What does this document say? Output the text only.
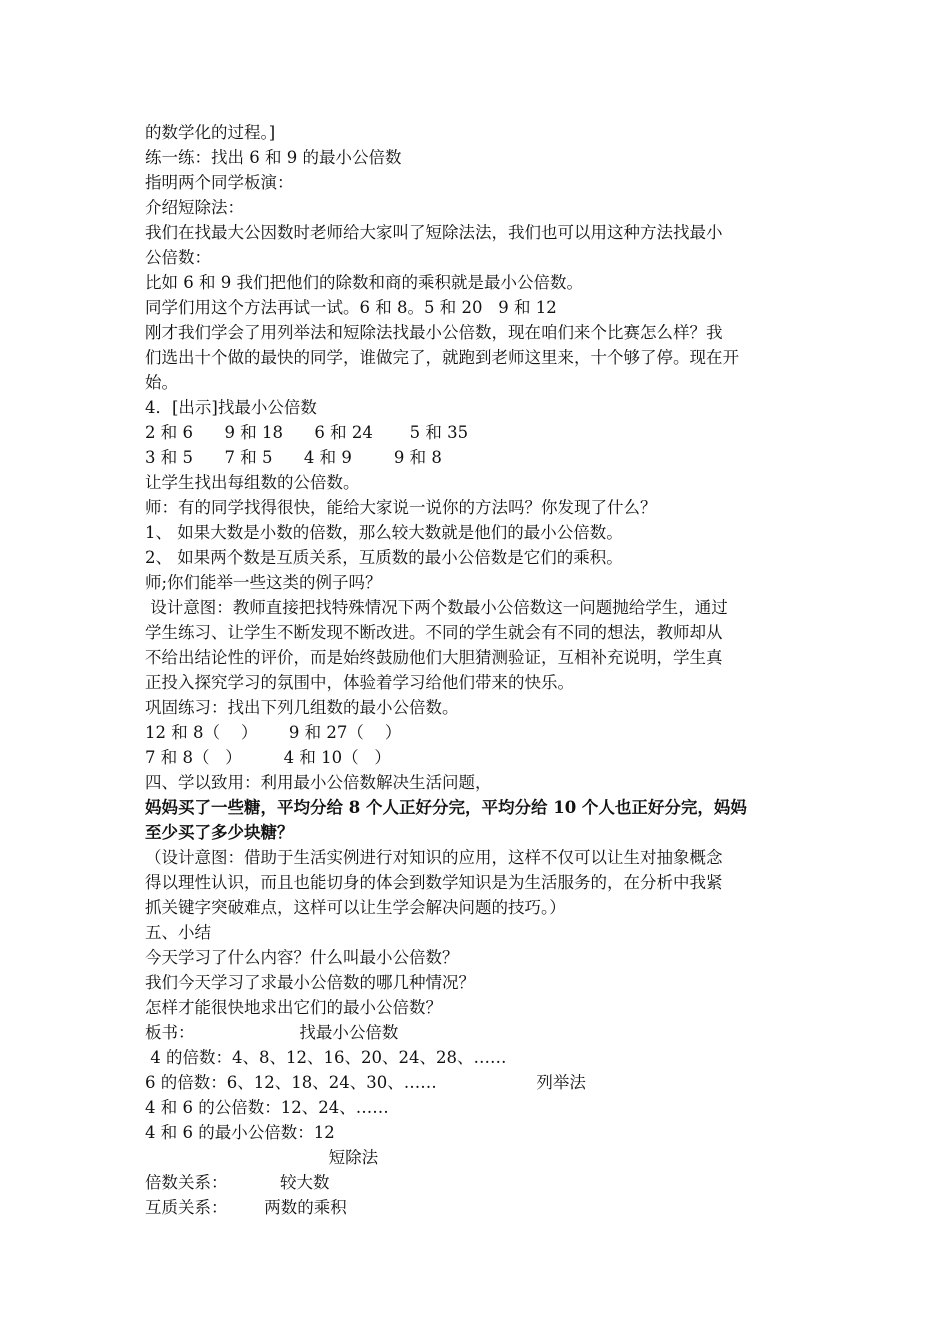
的数学化的过程。]
练一练：找出 6 和 9 的最小公倍数
指明两个同学板演：
介绍短除法：
我们在找最大公因数时老师给大家叫了短除法法，我们也可以用这种方法找最小
公倍数：
比如 6 和 9 我们把他们的除数和商的乘积就是最小公倍数。
同学们用这个方法再试一试。6 和 8。5 和 20   9 和 12
刚才我们学会了用列举法和短除法找最小公倍数，现在咱们来个比赛怎么样？我
们选出十个做的最快的同学，谁做完了，就跑到老师这里来，十个够了停。现在开
始。
4．[出示]找最小公倍数
2 和 6      9 和 18      6 和 24       5 和 35
3 和 5      7 和 5      4 和 9        9 和 8
让学生找出每组数的公倍数。
师：有的同学找得很快，能给大家说一说你的方法吗？你发现了什么？
1、 如果大数是小数的倍数，那么较大数就是他们的最小公倍数。
2、 如果两个数是互质关系，互质数的最小公倍数是它们的乘积。
师;你们能举一些这类的例子吗？
设计意图：教师直接把找特殊情况下两个数最小公倍数这一问题抛给学生，通过
学生练习、让学生不断发现不断改进。不同的学生就会有不同的想法，教师却从
不给出结论性的评价，而是始终鼓励他们大胆猜测验证，互相补充说明，学生真
正投入探究学习的氛围中，体验着学习给他们带来的快乐。
巩固练习：找出下列几组数的最小公倍数。
12 和 8（    ）      9 和 27（    ）
7 和 8（   ）        4 和 10（   ）
四、学以致用：利用最小公倍数解决生活问题，
妈妈买了一些糖，平均分给 8 个人正好分完，平均分给 10 个人也正好分完，妈妈
至少买了多少块糖？
（设计意图：借助于生活实例进行对知识的应用，这样不仅可以让生对抽象概念
得以理性认识，而且也能切身的体会到数学知识是为生活服务的，在分析中我紧
抓关键字突破难点，这样可以让生学会解决问题的技巧。）
五、小结
今天学习了什么内容？什么叫最小公倍数？
我们今天学习了求最小公倍数的哪几种情况？
怎样才能很快地求出它们的最小公倍数？
板书：                    找最小公倍数
4 的倍数：4、8、12、16、20、24、28、……
6 的倍数：6、12、18、24、30、……                   列举法
4 和 6 的公倍数：12、24、……
4 和 6 的最小公倍数：12
短除法
倍数关系：          较大数
互质关系：       两数的乘积
